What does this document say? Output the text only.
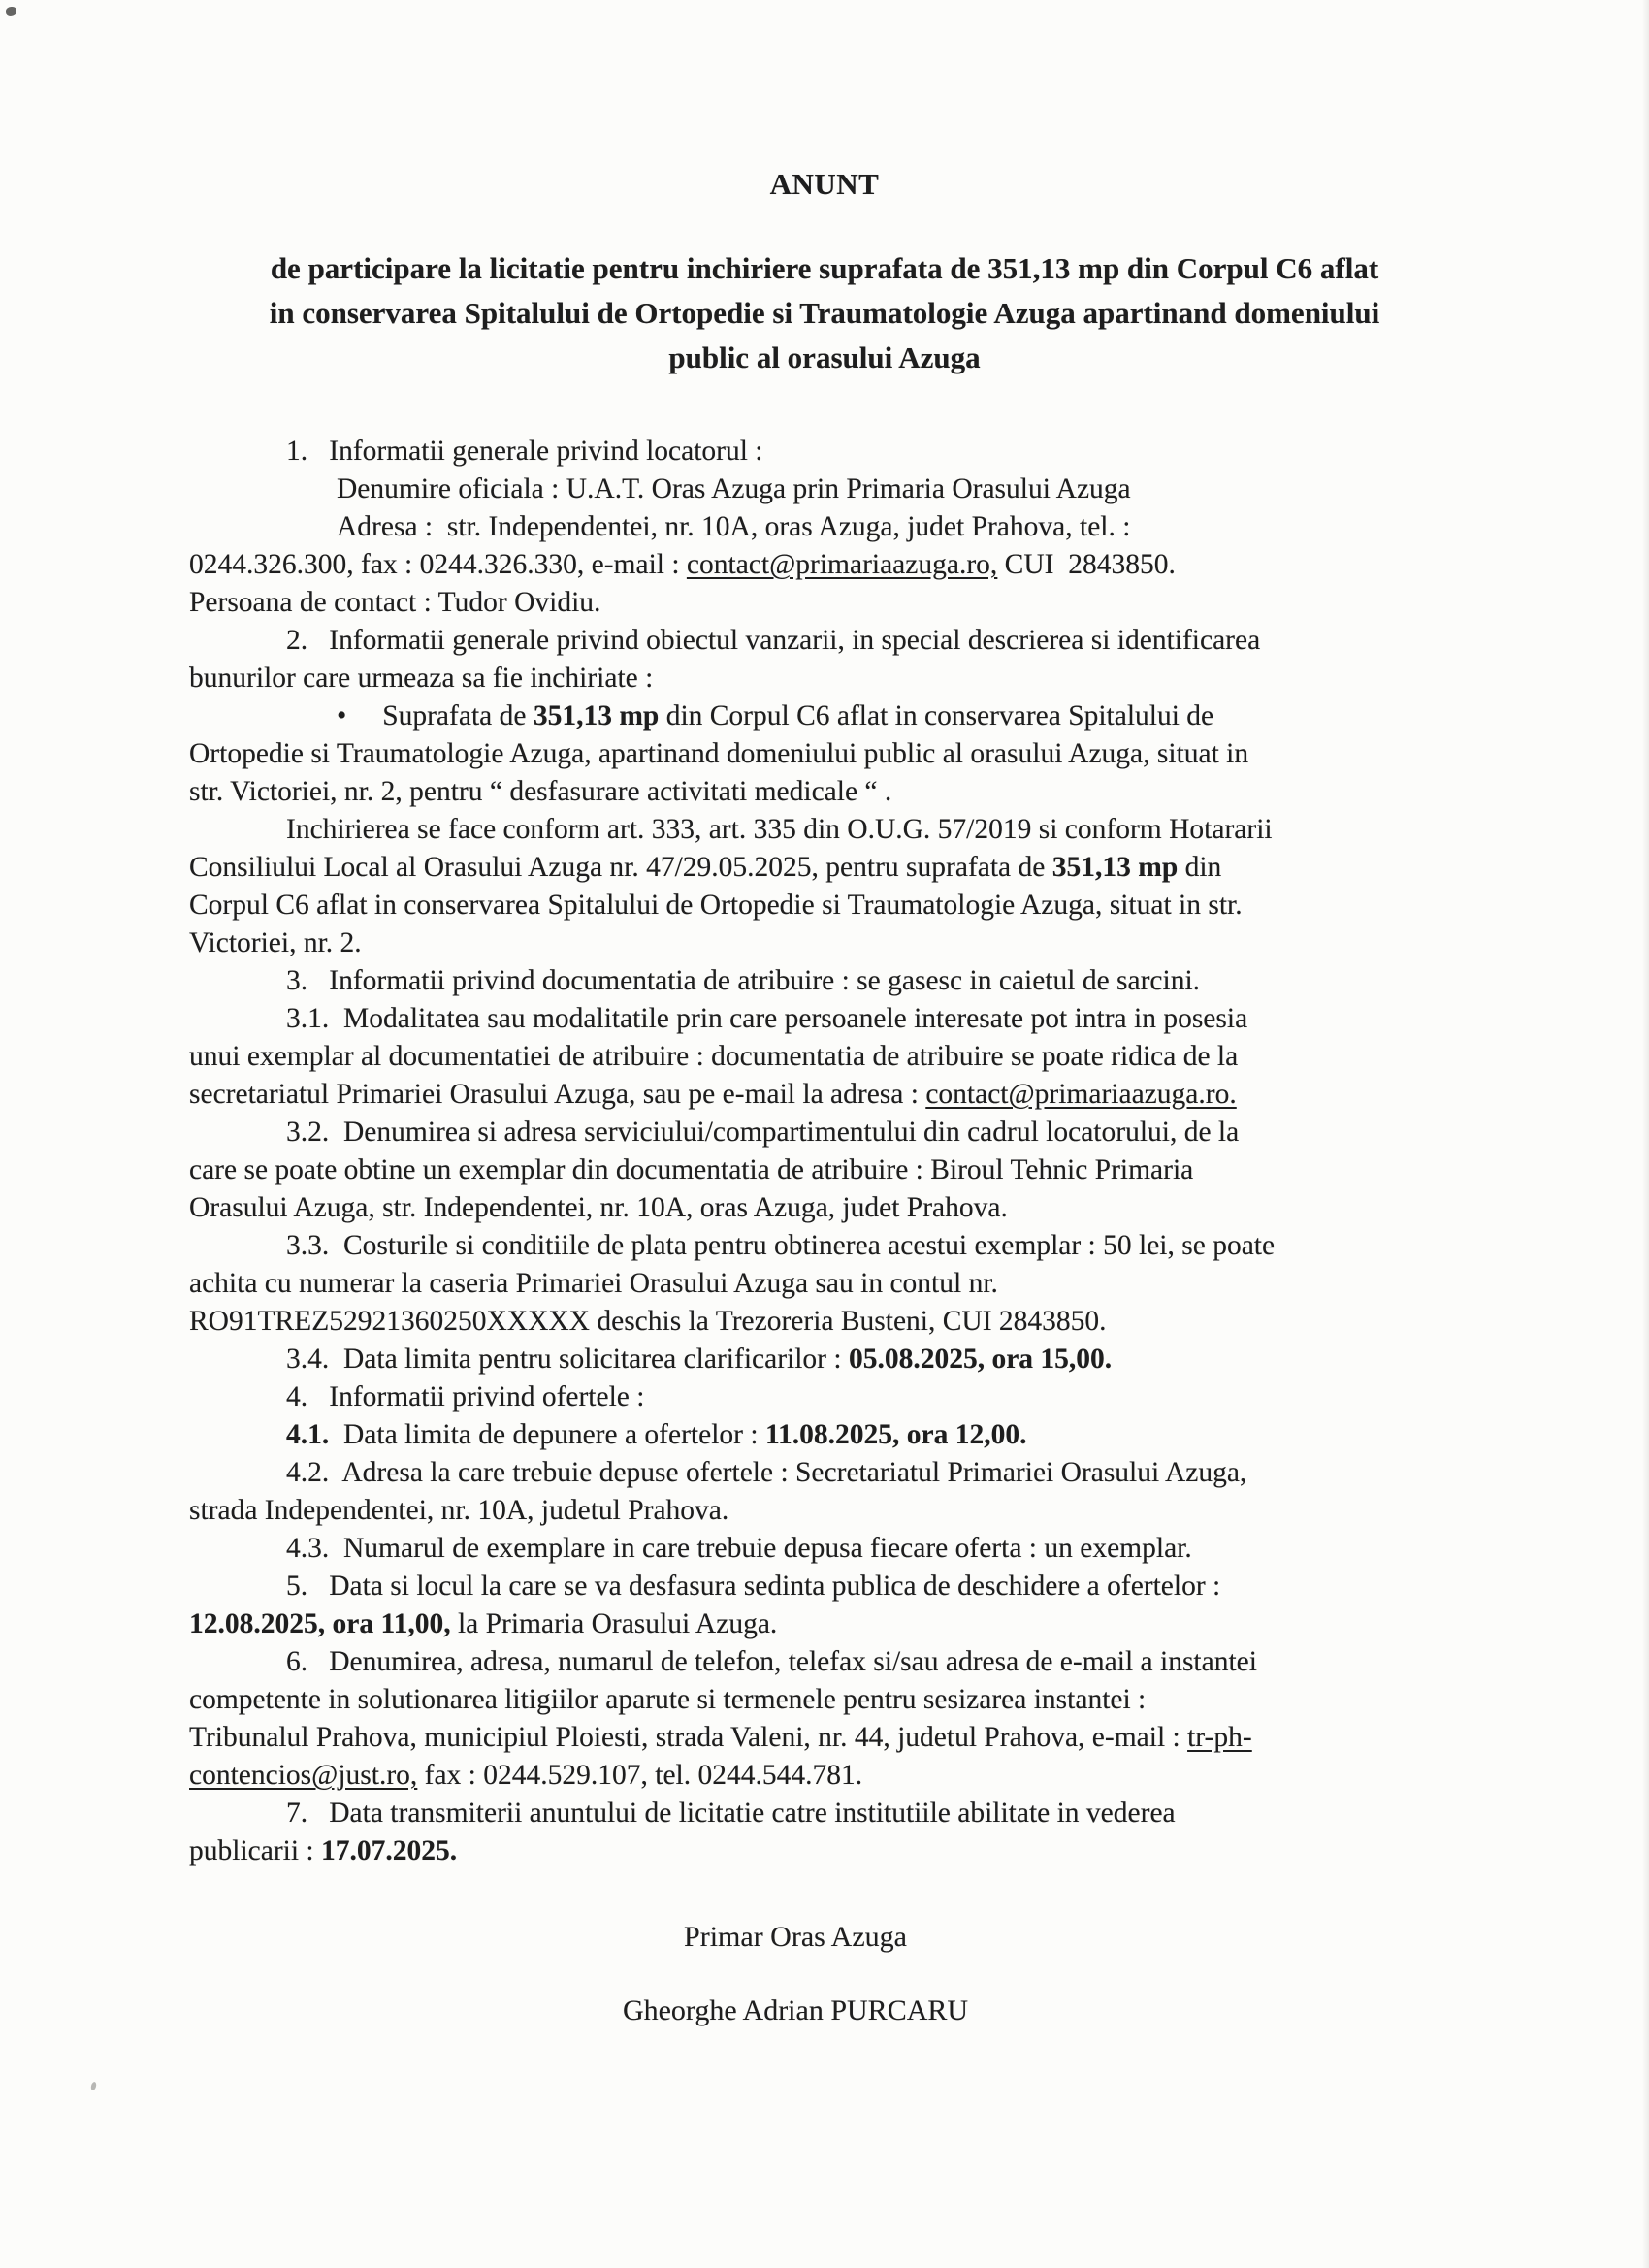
ANUNT
de participare la licitatie pentru inchiriere suprafata de 351,13 mp din Corpul C6 aflat
in conservarea Spitalului de Ortopedie si Traumatologie Azuga apartinand domeniului
public al orasului Azuga
1.   Informatii generale privind locatorul :
Denumire oficiala : U.A.T. Oras Azuga prin Primaria Orasului Azuga
Adresa :  str. Independentei, nr. 10A, oras Azuga, judet Prahova, tel. :
0244.326.300, fax : 0244.326.330, e-mail : contact@primariaazuga.ro, CUI  2843850.
Persoana de contact : Tudor Ovidiu.
2.   Informatii generale privind obiectul vanzarii, in special descrierea si identificarea
bunurilor care urmeaza sa fie inchiriate :
•     Suprafata de 351,13 mp din Corpul C6 aflat in conservarea Spitalului de
Ortopedie si Traumatologie Azuga, apartinand domeniului public al orasului Azuga, situat in
str. Victoriei, nr. 2, pentru “ desfasurare activitati medicale “ .
Inchirierea se face conform art. 333, art. 335 din O.U.G. 57/2019 si conform Hotararii
Consiliului Local al Orasului Azuga nr. 47/29.05.2025, pentru suprafata de 351,13 mp din
Corpul C6 aflat in conservarea Spitalului de Ortopedie si Traumatologie Azuga, situat in str.
Victoriei, nr. 2.
3.   Informatii privind documentatia de atribuire : se gasesc in caietul de sarcini.
3.1.  Modalitatea sau modalitatile prin care persoanele interesate pot intra in posesia
unui exemplar al documentatiei de atribuire : documentatia de atribuire se poate ridica de la
secretariatul Primariei Orasului Azuga, sau pe e-mail la adresa : contact@primariaazuga.ro.
3.2.  Denumirea si adresa serviciului/compartimentului din cadrul locatorului, de la
care se poate obtine un exemplar din documentatia de atribuire : Biroul Tehnic Primaria
Orasului Azuga, str. Independentei, nr. 10A, oras Azuga, judet Prahova.
3.3.  Costurile si conditiile de plata pentru obtinerea acestui exemplar : 50 lei, se poate
achita cu numerar la caseria Primariei Orasului Azuga sau in contul nr.
RO91TREZ52921360250XXXXX deschis la Trezoreria Busteni, CUI 2843850.
3.4.  Data limita pentru solicitarea clarificarilor : 05.08.2025, ora 15,00.
4.   Informatii privind ofertele :
4.1.  Data limita de depunere a ofertelor : 11.08.2025, ora 12,00.
4.2.  Adresa la care trebuie depuse ofertele : Secretariatul Primariei Orasului Azuga,
strada Independentei, nr. 10A, judetul Prahova.
4.3.  Numarul de exemplare in care trebuie depusa fiecare oferta : un exemplar.
5.   Data si locul la care se va desfasura sedinta publica de deschidere a ofertelor :
12.08.2025, ora 11,00, la Primaria Orasului Azuga.
6.   Denumirea, adresa, numarul de telefon, telefax si/sau adresa de e-mail a instantei
competente in solutionarea litigiilor aparute si termenele pentru sesizarea instantei :
Tribunalul Prahova, municipiul Ploiesti, strada Valeni, nr. 44, judetul Prahova, e-mail : tr-ph-
contencios@just.ro, fax : 0244.529.107, tel. 0244.544.781.
7.   Data transmiterii anuntului de licitatie catre institutiile abilitate in vederea
publicarii : 17.07.2025.
Primar Oras Azuga
Gheorghe Adrian PURCARU
